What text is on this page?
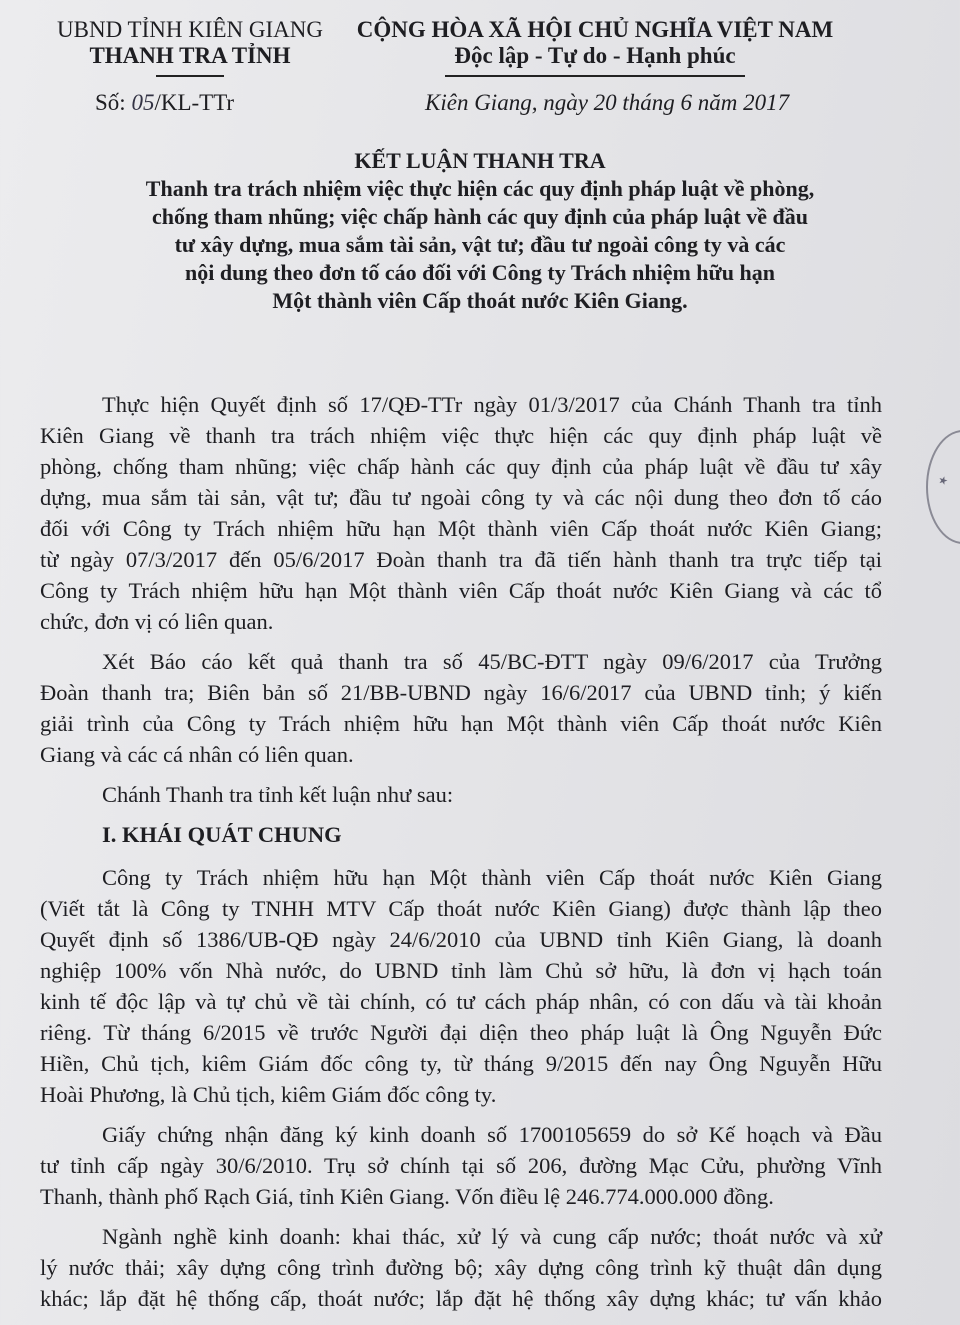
UBND TỈNH KIÊN GIANG
THANH TRA TỈNH
CỘNG HÒA XÃ HỘI CHỦ NGHĨA VIỆT NAM
Độc lập - Tự do - Hạnh phúc
Số: 05/KL-TTr	Kiên Giang, ngày 20 tháng 6 năm 2017
KẾT LUẬN THANH TRA
Thanh tra trách nhiệm việc thực hiện các quy định pháp luật về phòng,
chống tham nhũng; việc chấp hành các quy định của pháp luật về đầu
tư xây dựng, mua sắm tài sản, vật tư; đầu tư ngoài công ty và các
nội dung theo đơn tố cáo đối với Công ty Trách nhiệm hữu hạn
Một thành viên Cấp thoát nước Kiên Giang.
Thực hiện Quyết định số 17/QĐ-TTr ngày 01/3/2017 của Chánh Thanh tra tỉnh
Kiên Giang về thanh tra trách nhiệm việc thực hiện các quy định pháp luật về
phòng, chống tham nhũng; việc chấp hành các quy định của pháp luật về đầu tư xây
dựng, mua sắm tài sản, vật tư; đầu tư ngoài công ty và các nội dung theo đơn tố cáo
đối với Công ty Trách nhiệm hữu hạn Một thành viên Cấp thoát nước Kiên Giang;
từ ngày 07/3/2017 đến 05/6/2017 Đoàn thanh tra đã tiến hành thanh tra trực tiếp tại
Công ty Trách nhiệm hữu hạn Một thành viên Cấp thoát nước Kiên Giang và các tổ
chức, đơn vị có liên quan.
Xét Báo cáo kết quả thanh tra số 45/BC-ĐTT ngày 09/6/2017 của Trưởng
Đoàn thanh tra; Biên bản số 21/BB-UBND ngày 16/6/2017 của UBND tỉnh; ý kiến
giải trình của Công ty Trách nhiệm hữu hạn Một thành viên Cấp thoát nước Kiên
Giang và các cá nhân có liên quan.
Chánh Thanh tra tỉnh kết luận như sau:
I. KHÁI QUÁT CHUNG
Công ty Trách nhiệm hữu hạn Một thành viên Cấp thoát nước Kiên Giang
(Viết tắt là Công ty TNHH MTV Cấp thoát nước Kiên Giang) được thành lập theo
Quyết định số 1386/UB-QĐ ngày 24/6/2010 của UBND tỉnh Kiên Giang, là doanh
nghiệp 100% vốn Nhà nước, do UBND tỉnh làm Chủ sở hữu, là đơn vị hạch toán
kinh tế độc lập và tự chủ về tài chính, có tư cách pháp nhân, có con dấu và tài khoản
riêng. Từ tháng 6/2015 về trước Người đại diện theo pháp luật là Ông Nguyễn Đức
Hiền, Chủ tịch, kiêm Giám đốc công ty, từ tháng 9/2015 đến nay Ông Nguyễn Hữu
Hoài Phương, là Chủ tịch, kiêm Giám đốc công ty.
Giấy chứng nhận đăng ký kinh doanh số 1700105659 do sở Kế hoạch và Đầu
tư tỉnh cấp ngày 30/6/2010. Trụ sở chính tại số 206, đường Mạc Cửu, phường Vĩnh
Thanh, thành phố Rạch Giá, tỉnh Kiên Giang. Vốn điều lệ 246.774.000.000 đồng.
Ngành nghề kinh doanh: khai thác, xử lý và cung cấp nước; thoát nước và xử
lý nước thải; xây dựng công trình đường bộ; xây dựng công trình kỹ thuật dân dụng
khác; lắp đặt hệ thống cấp, thoát nước; lắp đặt hệ thống xây dựng khác; tư vấn khảo
★
